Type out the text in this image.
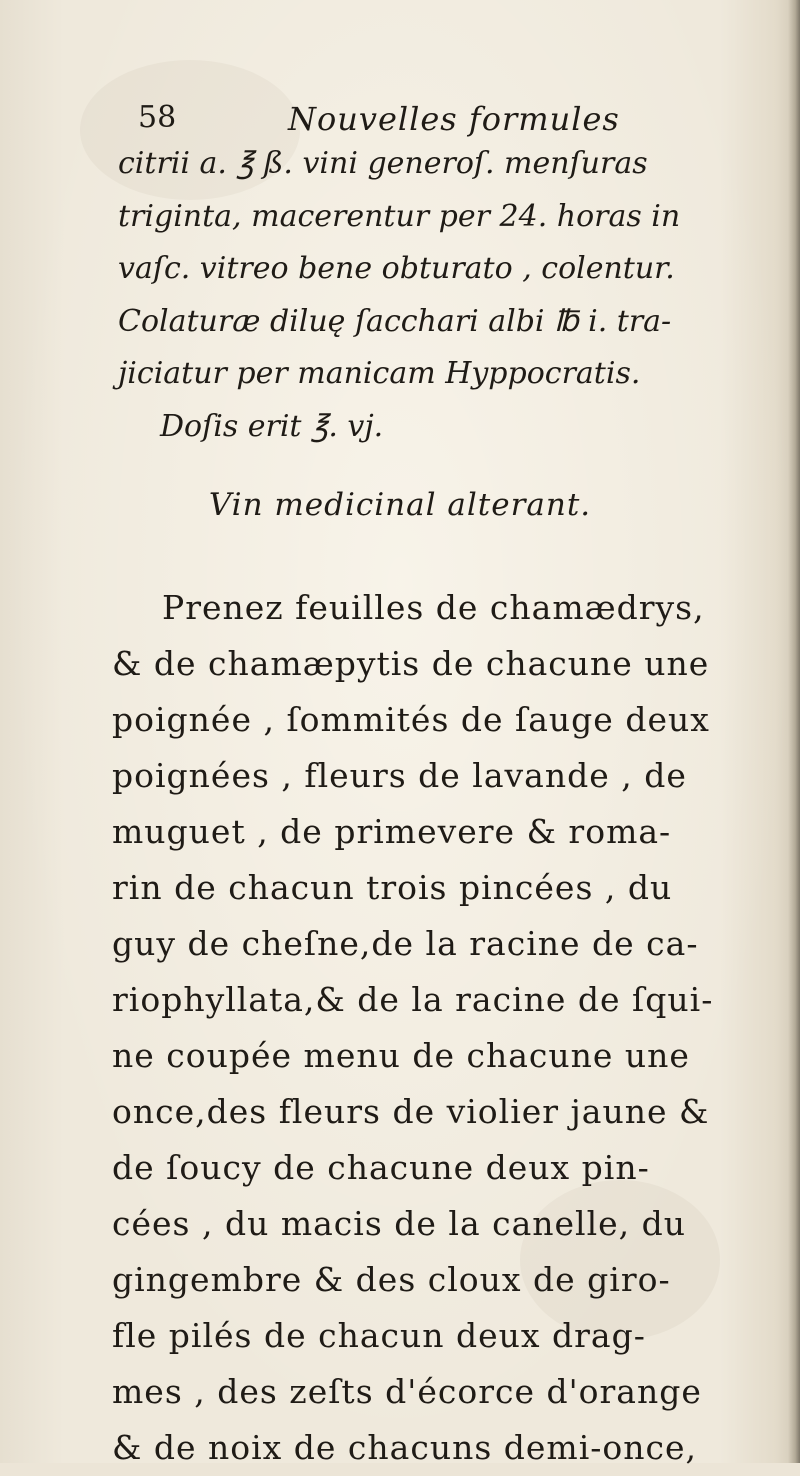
58	Nouvelles formules
citrii a. ℥ ß. vini generoſ. menſuras
triginta, macerentur per 24. horas in
vaſc. vitreo bene obturato , colentur.
Colaturæ diluę ſacchari albi ℔ i. tra-
jiciatur per manicam Hyppocratis.
Doſis erit ℥. vj.
Vin medicinal alterant.
Prenez feuilles de chamædrys,
& de chamæpytis de chacune une
poignée , ſommités de ſauge deux
poignées , fleurs de lavande , de
muguet , de primevere & roma-
rin de chacun trois pincées , du
guy de cheſne,de la racine de ca-
riophyllata,& de la racine de ſqui-
ne coupée menu de chacune une
once,des fleurs de violier jaune &
de ſoucy de chacune deux pin-
cées , du macis de la canelle, du
gingembre & des cloux de giro-
fle pilés de chacun deux drag-
mes , des zeſts d'écorce d'orange
& de noix de chacuns demi-once,
